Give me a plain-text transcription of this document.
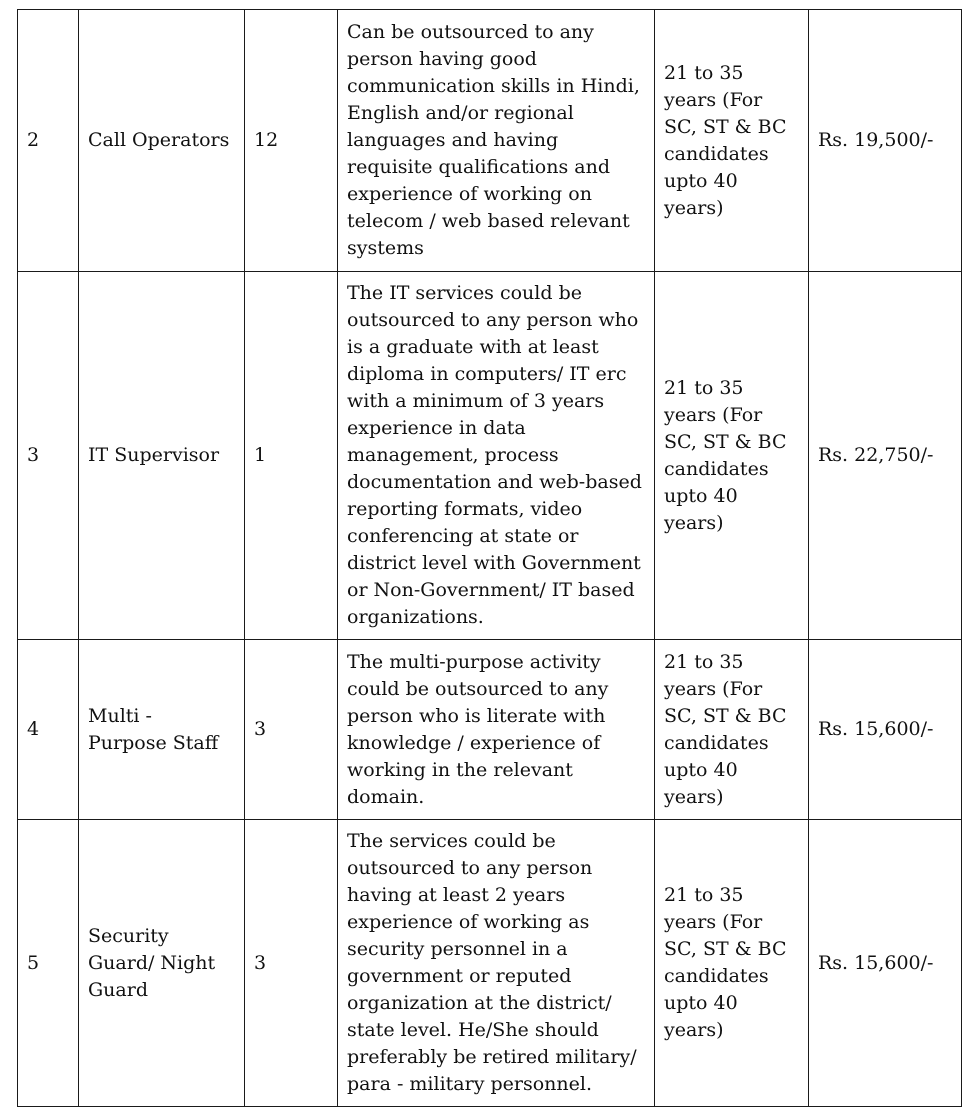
2	Call Operators	12	Can be outsourced to any person having good communication skills in Hindi, English and/or regional languages and having requisite qualifications and experience of working on telecom / web based relevant systems	21 to 35 years (For SC, ST & BC candidates upto 40 years)	Rs. 19,500/-
3	IT Supervisor	1	The IT services could be outsourced to any person who is a graduate with at least diploma in computers/ IT erc with a minimum of 3 years experience in data management, process documentation and web-based reporting formats, video conferencing at state or district level with Government or Non-Government/ IT based organizations.	21 to 35 years (For SC, ST & BC candidates upto 40 years)	Rs. 22,750/-
4	Multi - Purpose Staff	3	The multi-purpose activity could be outsourced to any person who is literate with knowledge / experience of working in the relevant domain.	21 to 35 years (For SC, ST & BC candidates upto 40 years)	Rs. 15,600/-
5	Security Guard/ Night Guard	3	The services could be outsourced to any person having at least 2 years experience of working as security personnel in a government or reputed organization at the district/ state level. He/She should preferably be retired military/ para - military personnel.	21 to 35 years (For SC, ST & BC candidates upto 40 years)	Rs. 15,600/-
